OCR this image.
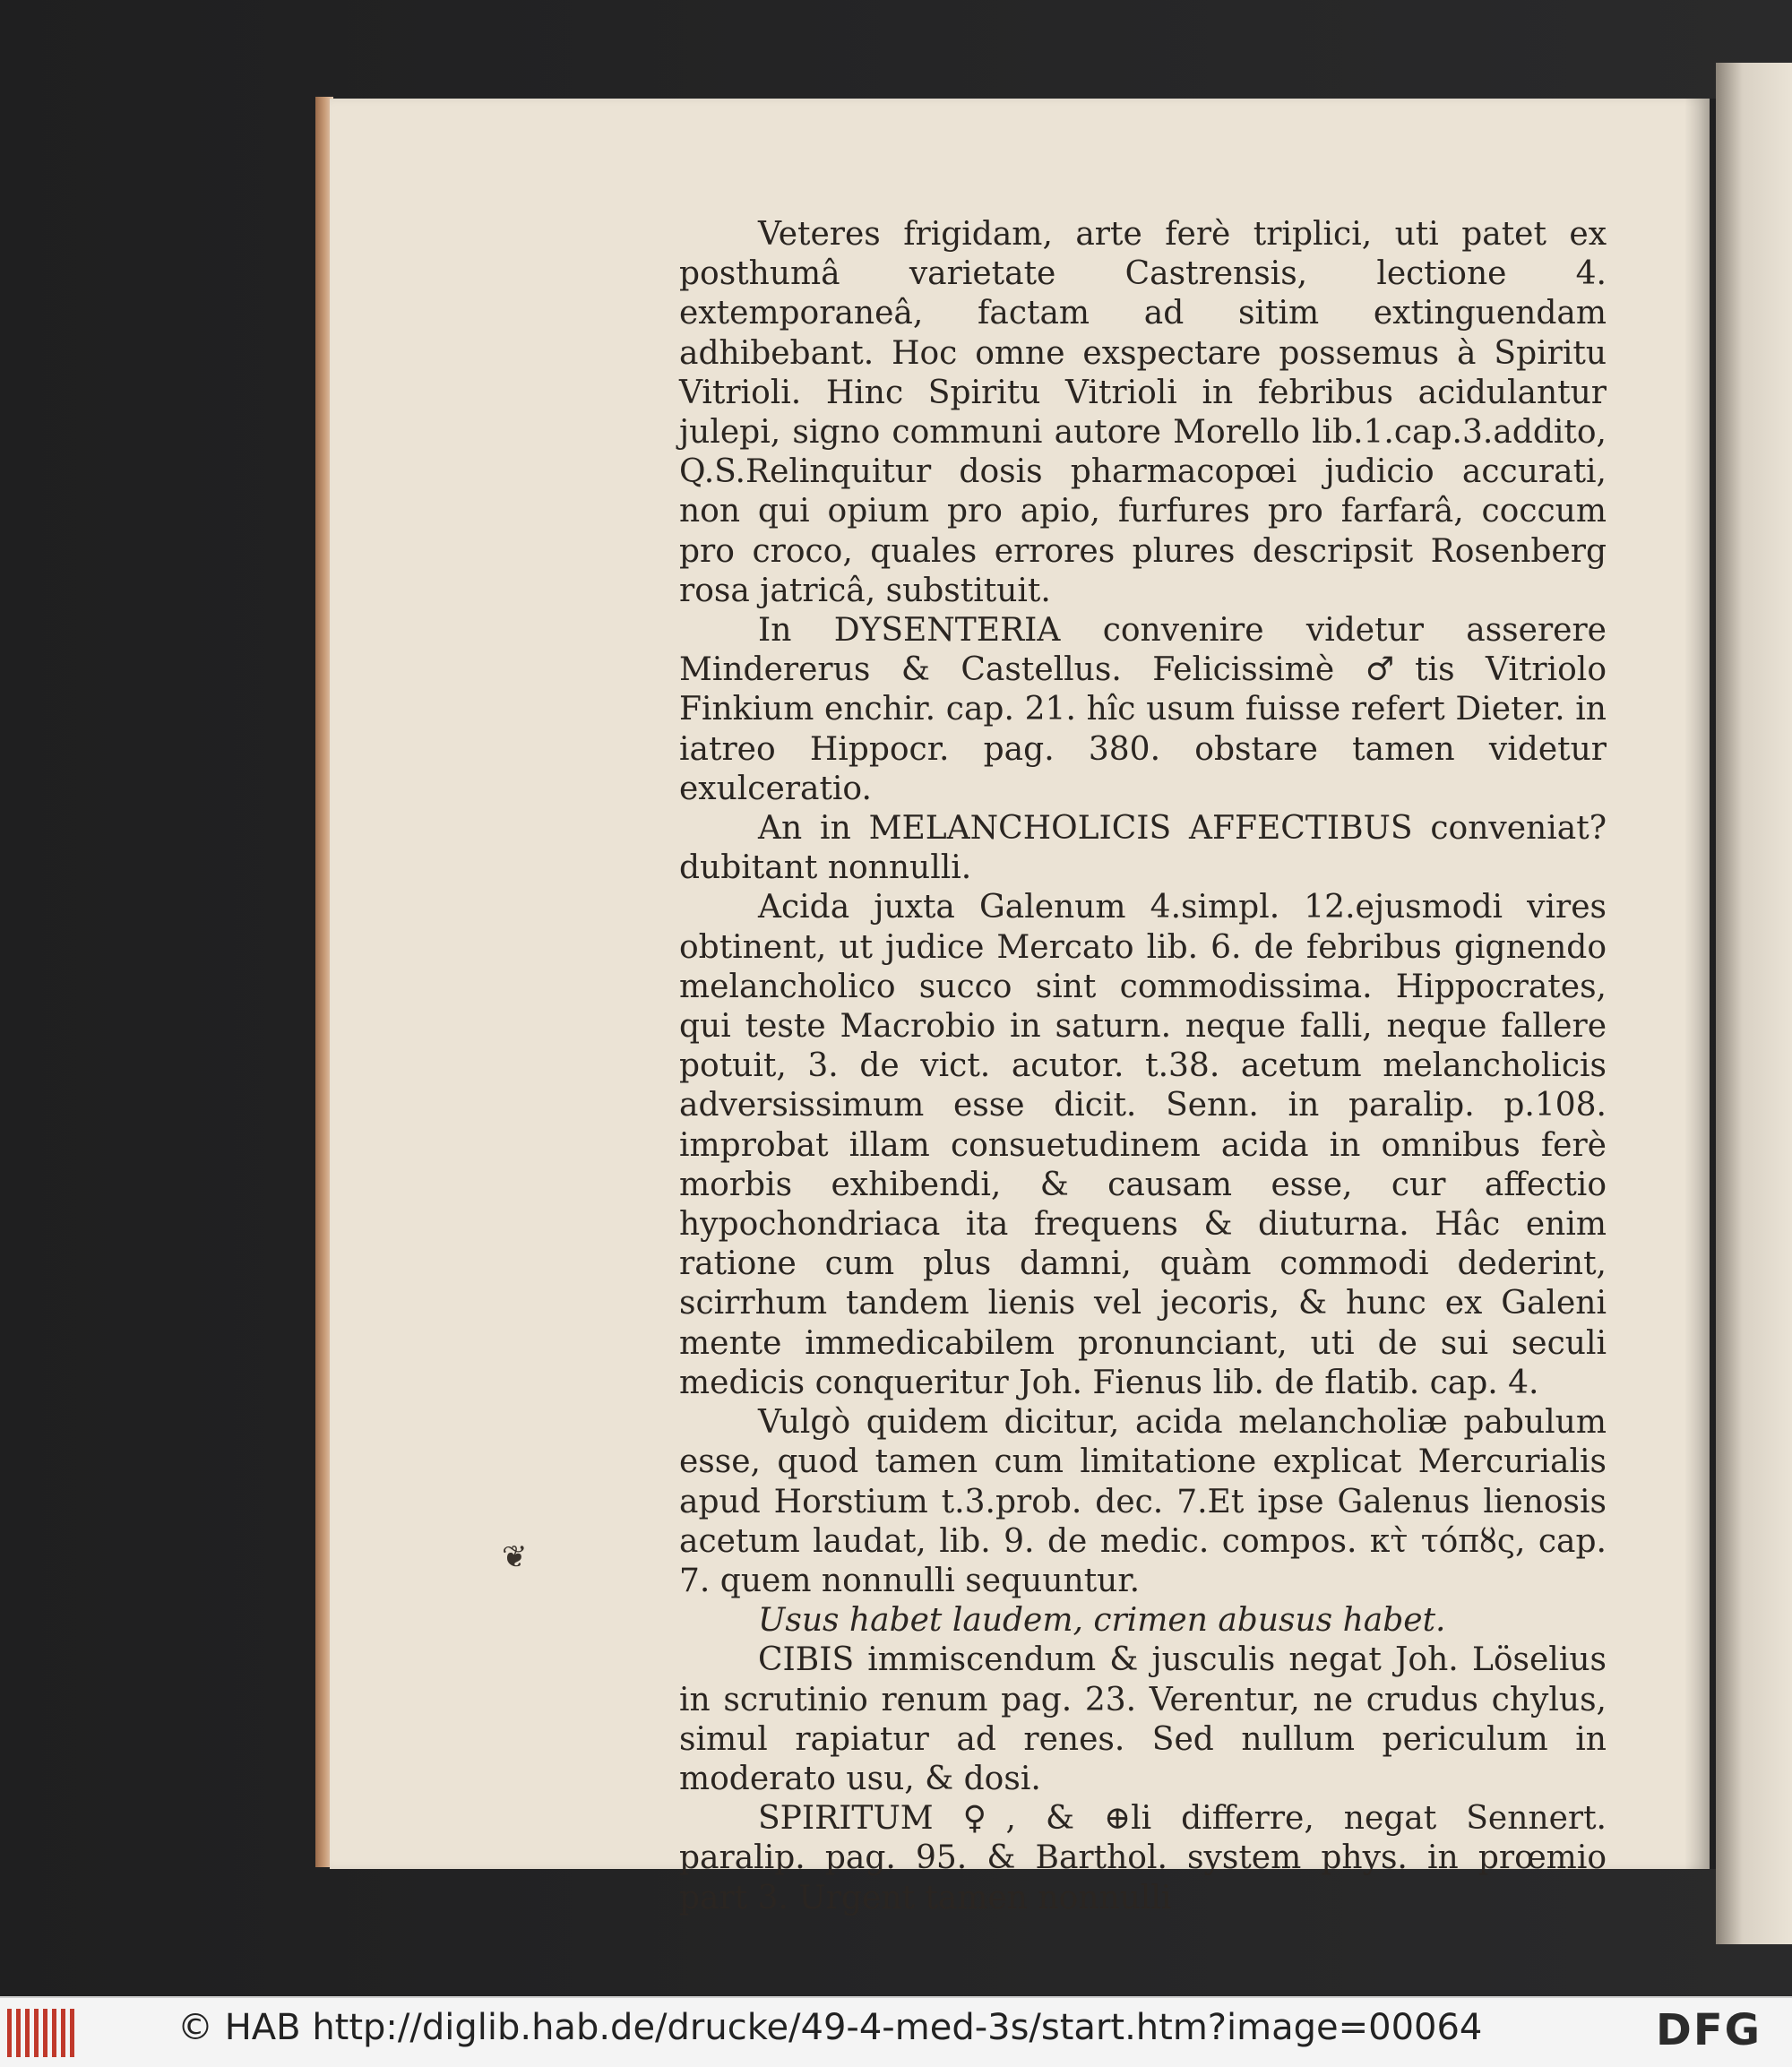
Veteres frigidam, arte ferè triplici, uti patet ex posthumâ varietate Castrensis, lectione 4. extemporaneâ, factam ad sitim extinguendam adhibebant. Hoc omne exspectare possemus à Spiritu Vitrioli. Hinc Spiritu Vitrioli in febribus acidulantur julepi, signo communi autore Morello lib.1.cap.3.addito, Q.S.Relinquitur dosis pharmacopœi judicio accurati, non qui opium pro apio, furfures pro farfarâ, coccum pro croco, quales errores plures descripsit Rosenberg rosa jatricâ, substituit.

In DYSENTERIA convenire videtur asserere Mindererus & Castellus. Felicissimè ♂tis Vitriolo Finkium enchir. cap. 21. hîc usum fuisse refert Dieter. in iatreo Hippocr. pag. 380. obstare tamen videtur exulceratio.

An in MELANCHOLICIS AFFECTIBUS conveniat? dubitant nonnulli.

Acida juxta Galenum 4.simpl. 12.ejusmodi vires obtinent, ut judice Mercato lib. 6. de febribus gignendo melancholico succo sint commodissima. Hippocrates, qui teste Macrobio in saturn. neque falli, neque fallere potuit, 3. de vict. acutor. t.38. acetum melancholicis adversissimum esse dicit. Senn. in paralip. p.108. improbat illam consuetudinem acida in omnibus ferè morbis exhibendi, & causam esse, cur affectio hypochondriaca ita frequens & diuturna. Hâc enim ratione cum plus damni, quàm commodi dederint, scirrhum tandem lienis vel jecoris, & hunc ex Galeni mente immedicabilem pronunciant, uti de sui seculi medicis conqueritur Joh. Fienus lib. de flatib. cap. 4.

Vulgò quidem dicitur, acida melancholiæ pabulum esse, quod tamen cum limitatione explicat Mercurialis apud Horstium t.3.prob. dec. 7.Et ipse Galenus lienosis acetum laudat, lib. 9. de medic. compos. κτ̀ τόπȣς, cap. 7. quem nonnulli sequuntur.

Usus habet laudem, crimen abusus habet.

CIBIS immiscendum & jusculis negat Joh. Löselius in scrutinio renum pag. 23. Verentur, ne crudus chylus, simul rapiatur ad renes. Sed nullum periculum in moderato usu, & dosi.

SPIRITUM ♀, & ⊕li differre, negat Sennert. paralip. pag. 95. & Barthol. system phys. in prœmio part 3. Urgent tamen nonnulli

❦
© HAB http://diglib.hab.de/drucke/49-4-med-3s/start.htm?image=00064	DFG
